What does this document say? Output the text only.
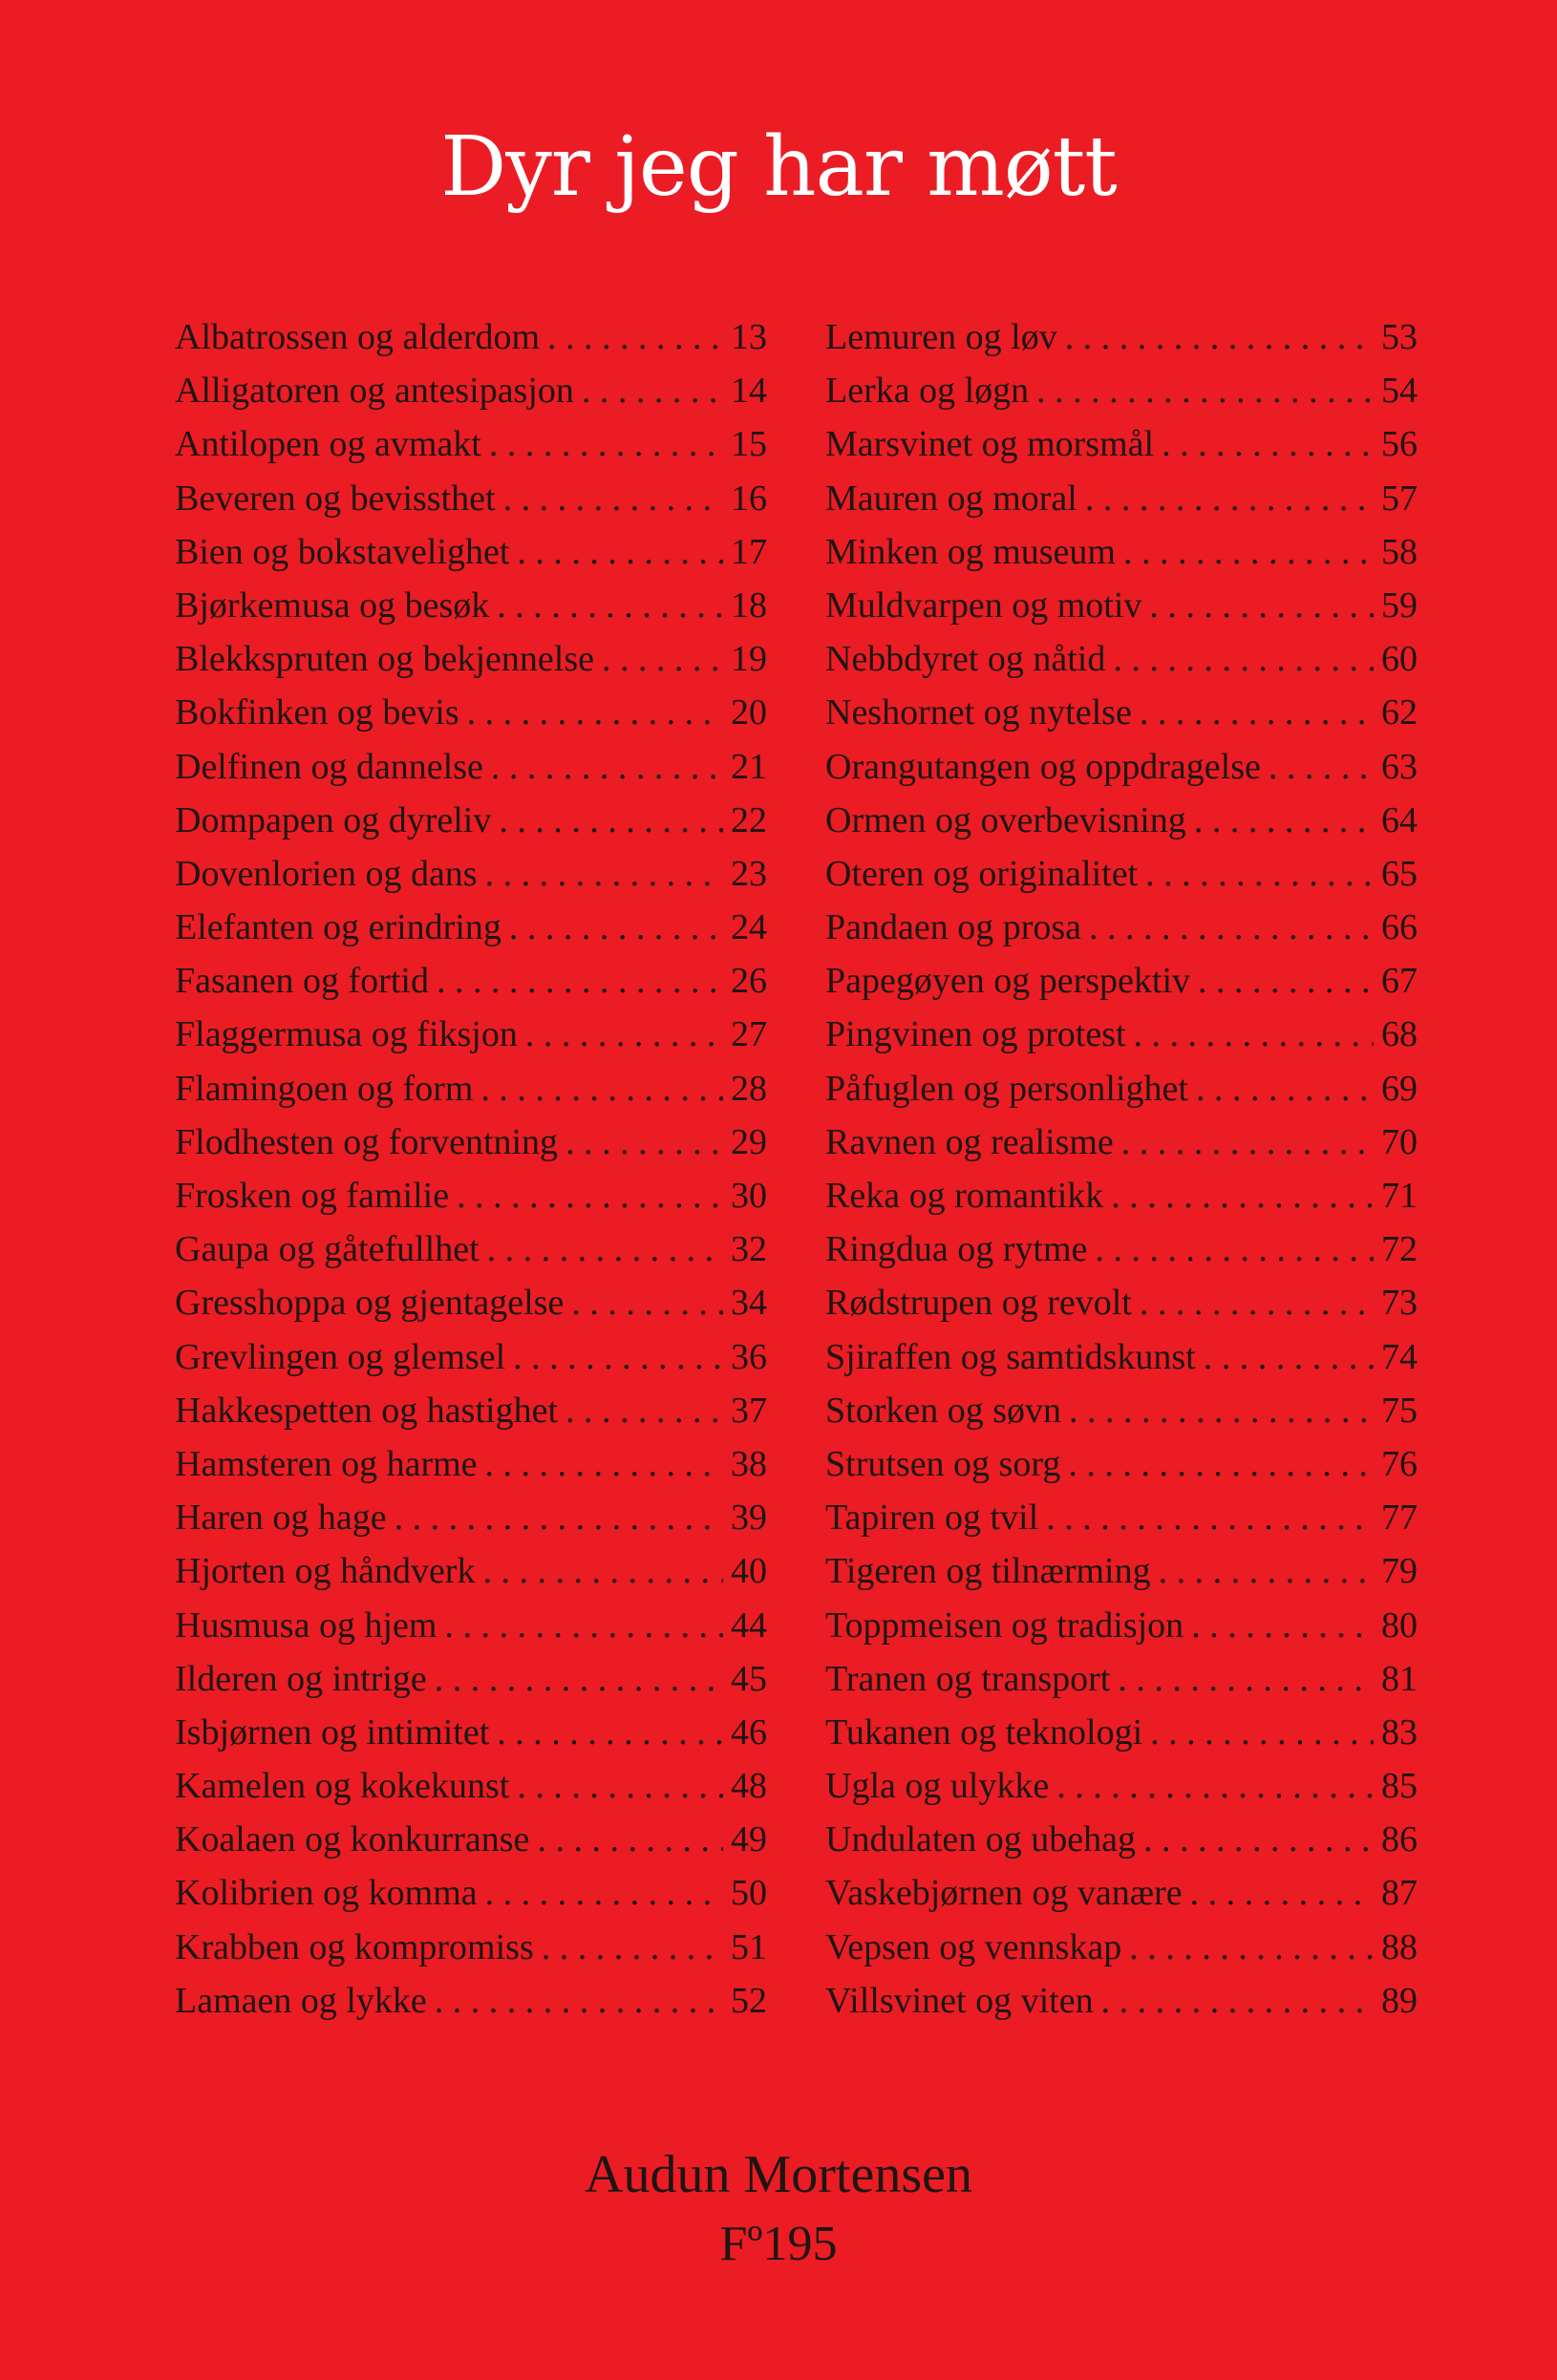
Dyr jeg har møtt
Albatrossen og alderdom . . .	13
Alligatoren og antesipasjon . . .	14
Antilopen og avmakt . . .	15
Beveren og bevissthet . . .	16
Bien og bokstavelighet . . .	17
Bjørkemusa og besøk . . .	18
Blekkspruten og bekjennelse . . .	19
Bokfinken og bevis . . .	20
Delfinen og dannelse . . .	21
Dompapen og dyreliv . . .	22
Dovenlorien og dans . . .	23
Elefanten og erindring . . .	24
Fasanen og fortid . . .	26
Flaggermusa og fiksjon . . .	27
Flamingoen og form . . .	28
Flodhesten og forventning . . .	29
Frosken og familie . . .	30
Gaupa og gåtefullhet . . .	32
Gresshoppa og gjentagelse . . .	34
Grevlingen og glemsel . . .	36
Hakkespetten og hastighet . . .	37
Hamsteren og harme . . .	38
Haren og hage . . .	39
Hjorten og håndverk . . .	40
Husmusa og hjem . . .	44
Ilderen og intrige . . .	45
Isbjørnen og intimitet . . .	46
Kamelen og kokekunst . . .	48
Koalaen og konkurranse . . .	49
Kolibrien og komma . . .	50
Krabben og kompromiss . . .	51
Lamaen og lykke . . .	52
Lemuren og løv . . .	53
Lerka og løgn . . .	54
Marsvinet og morsmål . . .	56
Mauren og moral . . .	57
Minken og museum . . .	58
Muldvarpen og motiv . . .	59
Nebbdyret og nåtid . . .	60
Neshornet og nytelse . . .	62
Orangutangen og oppdragelse . . .	63
Ormen og overbevisning . . .	64
Oteren og originalitet . . .	65
Pandaen og prosa . . .	66
Papegøyen og perspektiv . . .	67
Pingvinen og protest . . .	68
Påfuglen og personlighet . . .	69
Ravnen og realisme . . .	70
Reka og romantikk . . .	71
Ringdua og rytme . . .	72
Rødstrupen og revolt . . .	73
Sjiraffen og samtidskunst . . .	74
Storken og søvn . . .	75
Strutsen og sorg . . .	76
Tapiren og tvil . . .	77
Tigeren og tilnærming . . .	79
Toppmeisen og tradisjon . . .	80
Tranen og transport . . .	81
Tukanen og teknologi . . .	83
Ugla og ulykke . . .	85
Undulaten og ubehag . . .	86
Vaskebjørnen og vanære . . .	87
Vepsen og vennskap . . .	88
Villsvinet og viten . . .	89
Audun Mortensen
Fº195
